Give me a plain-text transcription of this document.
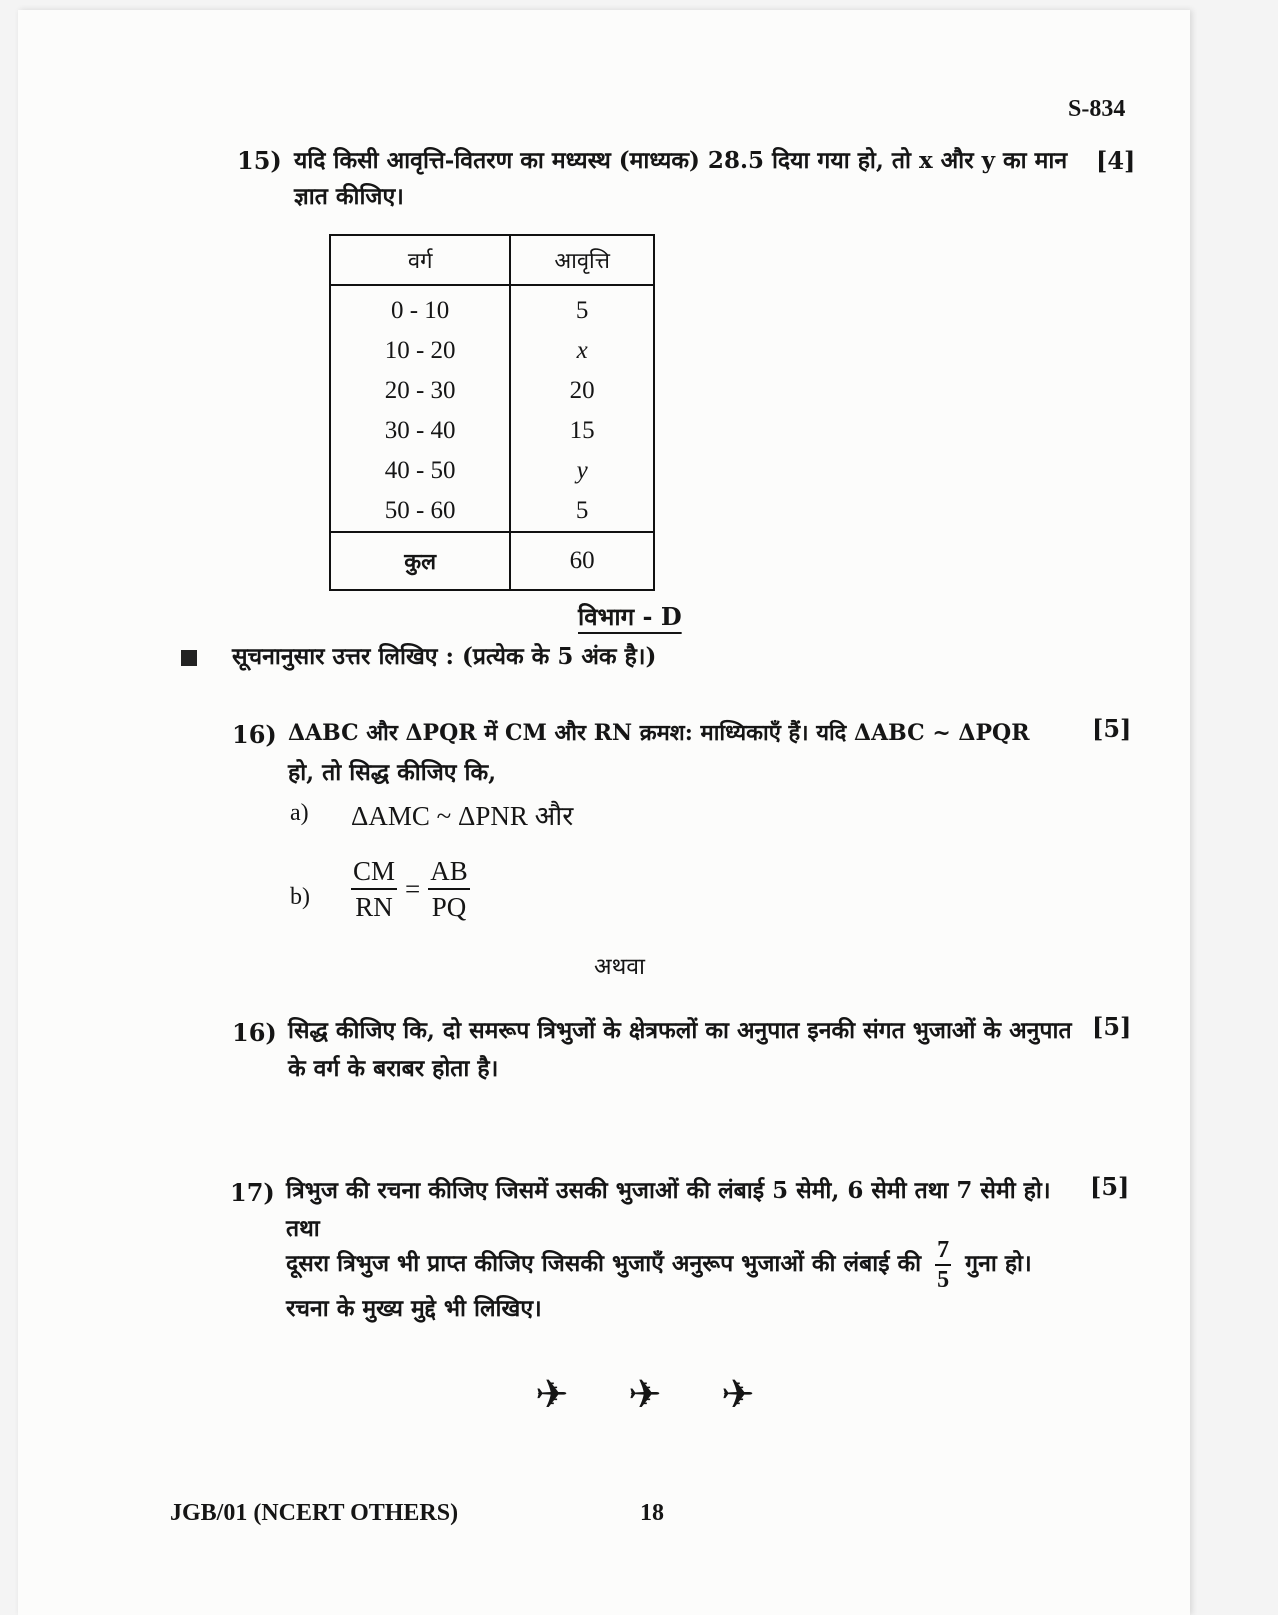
S-834
15) यदि किसी आवृत्ति-वितरण का मध्यस्थ (माध्यक) 28.5 दिया गया हो, तो x और y का मान
ज्ञात कीजिए।
[4]
वर्ग	आवृत्ति
0 - 10	5
10 - 20	x
20 - 30	20
30 - 40	15
40 - 50	y
50 - 60	5
कुल	60
विभाग - D
सूचनानुसार उत्तर लिखिए : (प्रत्येक के 5 अंक है।)
16) ΔABC और ΔPQR में CM और RN क्रमश: माध्यिकाएँ हैं। यदि ΔABC ~ ΔPQR
हो, तो सिद्ध कीजिए कि,
[5]
a) ΔAMC ~ ΔPNR और
$b) \frac{CM}{RN} = \frac{AB}{PQ}$
अथवा
16) सिद्ध कीजिए कि, दो समरूप त्रिभुजों के क्षेत्रफलों का अनुपात इनकी संगत भुजाओं के अनुपात
के वर्ग के बराबर होता है।
[5]
17) त्रिभुज की रचना कीजिए जिसमें उसकी भुजाओं की लंबाई 5 सेमी, 6 सेमी तथा 7 सेमी हो। तथा
दूसरा त्रिभुज भी प्राप्त कीजिए जिसकी भुजाएँ अनुरूप भुजाओं की लंबाई की $\frac{7}{5}$ गुना हो।
रचना के मुख्य मुद्दे भी लिखिए।
[5]
✈ ✈ ✈
JGB/01 (NCERT OTHERS)	18
